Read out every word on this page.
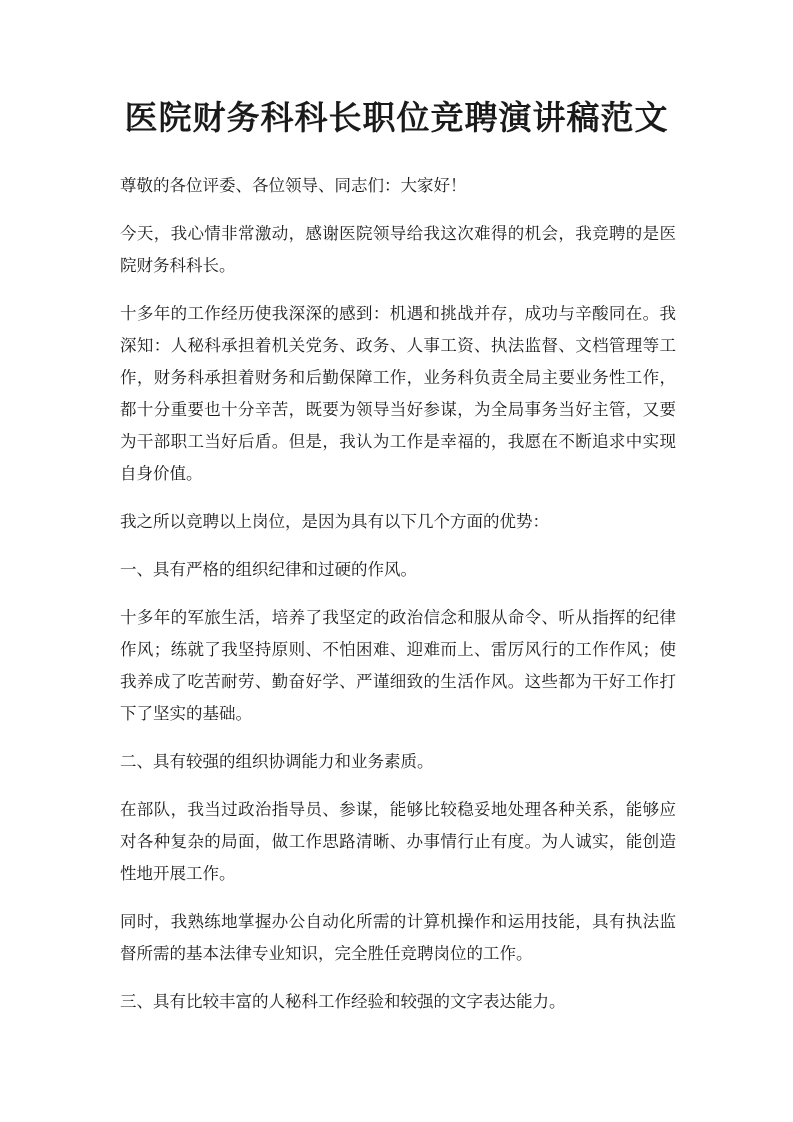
医院财务科科长职位竞聘演讲稿范文

尊敬的各位评委、各位领导、同志们：大家好！

今天，我心情非常激动，感谢医院领导给我这次难得的机会，我竞聘的是医院财务科科长。

十多年的工作经历使我深深的感到：机遇和挑战并存，成功与辛酸同在。我深知：人秘科承担着机关党务、政务、人事工资、执法监督、文档管理等工作，财务科承担着财务和后勤保障工作，业务科负责全局主要业务性工作，都十分重要也十分辛苦，既要为领导当好参谋，为全局事务当好主管，又要为干部职工当好后盾。但是，我认为工作是幸福的，我愿在不断追求中实现自身价值。

我之所以竞聘以上岗位，是因为具有以下几个方面的优势：

一、具有严格的组织纪律和过硬的作风。

十多年的军旅生活，培养了我坚定的政治信念和服从命令、听从指挥的纪律作风；练就了我坚持原则、不怕困难、迎难而上、雷厉风行的工作作风；使我养成了吃苦耐劳、勤奋好学、严谨细致的生活作风。这些都为干好工作打下了坚实的基础。

二、具有较强的组织协调能力和业务素质。

在部队，我当过政治指导员、参谋，能够比较稳妥地处理各种关系，能够应对各种复杂的局面，做工作思路清晰、办事情行止有度。为人诚实，能创造性地开展工作。

同时，我熟练地掌握办公自动化所需的计算机操作和运用技能，具有执法监督所需的基本法律专业知识，完全胜任竞聘岗位的工作。

三、具有比较丰富的人秘科工作经验和较强的文字表达能力。
